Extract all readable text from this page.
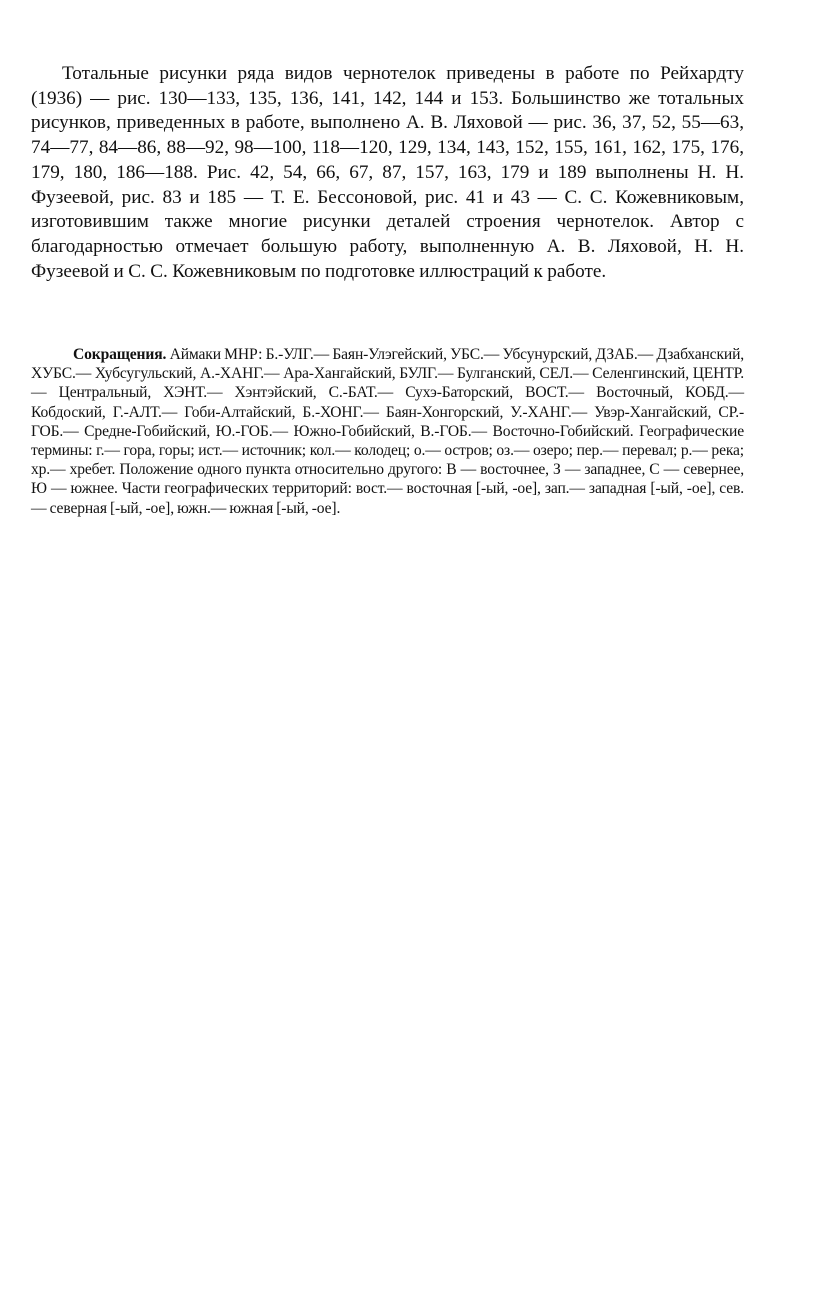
Тотальные рисунки ряда видов чернотелок приведены в работе по Рейхардту (1936) — рис. 130—133, 135, 136, 141, 142, 144 и 153. Большинство же тотальных рисунков, приведенных в работе, выполнено А. В. Ляховой — рис. 36, 37, 52, 55—63, 74—77, 84—86, 88—92, 98—100, 118—120, 129, 134, 143, 152, 155, 161, 162, 175, 176, 179, 180, 186—188. Рис. 42, 54, 66, 67, 87, 157, 163, 179 и 189 выполнены Н. Н. Фузеевой, рис. 83 и 185 — Т. Е. Бессоновой, рис. 41 и 43 — С. С. Кожевниковым, изготовившим также многие рисунки деталей строения чернотелок. Автор с благодарностью отмечает большую работу, выполненную А. В. Ляховой, Н. Н. Фузеевой и С. С. Кожевниковым по подготовке иллюстраций к работе.

Сокращения. Аймаки МНР: Б.-УЛГ.— Баян-Улэгейский, УБС.— Убсунурский, ДЗАБ.— Дзабханский, ХУБС.— Хубсугульский, А.-ХАНГ.— Ара-Хангайский, БУЛГ.— Булганский, СЕЛ.— Селенгинский, ЦЕНТР.— Центральный, ХЭНТ.— Хэнтэйский, С.-БАТ.— Сухэ-Баторский, ВОСТ.— Восточный, КОБД.— Кобдоский, Г.-АЛТ.— Гоби-Алтайский, Б.-ХОНГ.— Баян-Хонгорский, У.-ХАНГ.— Увэр-Хангайский, СР.-ГОБ.— Средне-Гобийский, Ю.-ГОБ.— Южно-Гобийский, В.-ГОБ.— Восточно-Гобийский. Географические термины: г.— гора, горы; ист.— источник; кол.— колодец; о.— остров; оз.— озеро; пер.— перевал; р.— река; хр.— хребет. Положение одного пункта относительно другого: В — восточнее, З — западнее, С — севернее, Ю — южнее. Части географических территорий: вост.— восточная [-ый, -ое], зап.— западная [-ый, -ое], сев.— северная [-ый, -ое], южн.— южная [-ый, -ое].
